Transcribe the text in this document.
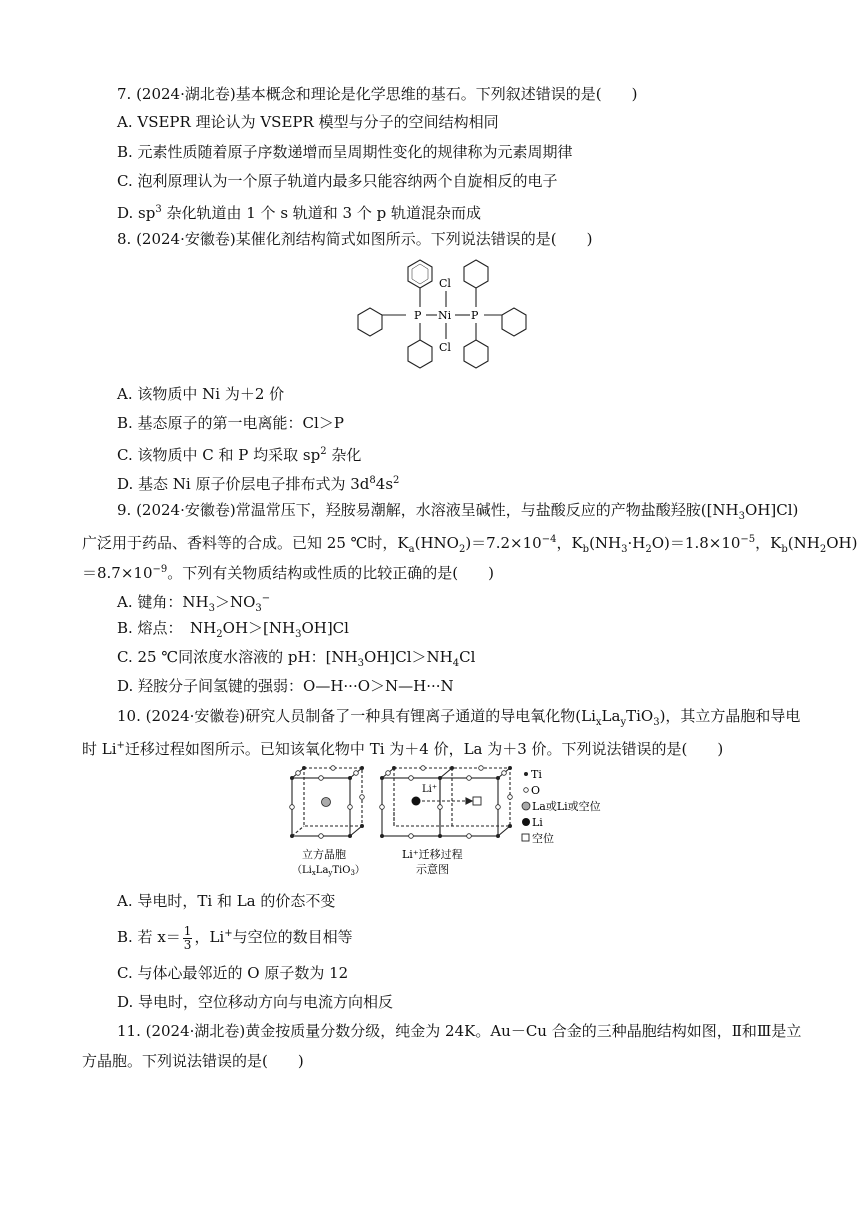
7. (2024·湖北卷)基本概念和理论是化学思维的基石。下列叙述错误的是(　　)
A. VSEPR 理论认为 VSEPR 模型与分子的空间结构相同
B. 元素性质随着原子序数递增而呈周期性变化的规律称为元素周期律
C. 泡利原理认为一个原子轨道内最多只能容纳两个自旋相反的电子
D. $sp^3$ 杂化轨道由 1 个 s 轨道和 3 个 p 轨道混杂而成
8. (2024·安徽卷)某催化剂结构简式如图所示。下列说法错误的是(　　)
P Ni P
Cl
Cl
A. 该物质中 Ni 为＋2 价
B. 基态原子的第一电离能：Cl＞P
C. 该物质中 C 和 P 均采取 $sp^2$ 杂化
D. 基态 Ni 原子价层电子排布式为 $3d^84s^2$
9. (2024·安徽卷)常温常压下，羟胺易潮解，水溶液呈碱性，与盐酸反应的产物盐酸羟胺$([NH_3OH]Cl)$
广泛用于药品、香料等的合成。已知 25 ℃时，$K_a(HNO_2)=7.2\times 10^{-4}$，$K_b(NH_3\cdot H_2O)=1.8\times 10^{-5}$，$K_b(NH_2OH)$
$=8.7\times 10^{-9}$。下列有关物质结构或性质的比较正确的是(　　)
A. 键角：$NH_3>NO_3^-$
B. 熔点：　$NH_2OH>[NH_3OH]Cl$
C. 25 ℃同浓度水溶液的 pH：$[NH_3OH]Cl>NH_4Cl$
D. 羟胺分子间氢键的强弱：O—H···O＞N—H···N
10. (2024·安徽卷)研究人员制备了一种具有锂离子通道的导电氧化物$(Li_xLa_yTiO_3)$，其立方晶胞和导电
时 Li+迁移过程如图所示。已知该氧化物中 Ti 为＋4 价，La 为＋3 价。下列说法错误的是(　　)
Li⁺
Ti
O
La或Li或空位
Li
空位
立方晶胞
$(Li_xLa_yTiO_3)$
Li⁺迁移过程
示意图
A. 导电时，Ti 和 La 的价态不变
B. 若 $x= \frac{1}{3}$ ，Li+与空位的数目相等
C. 与体心最邻近的 O 原子数为 12
D. 导电时，空位移动方向与电流方向相反
11. (2024·湖北卷)黄金按质量分数分级，纯金为 24K。Au－Cu 合金的三种晶胞结构如图，Ⅱ和Ⅲ是立
方晶胞。下列说法错误的是(　　)
